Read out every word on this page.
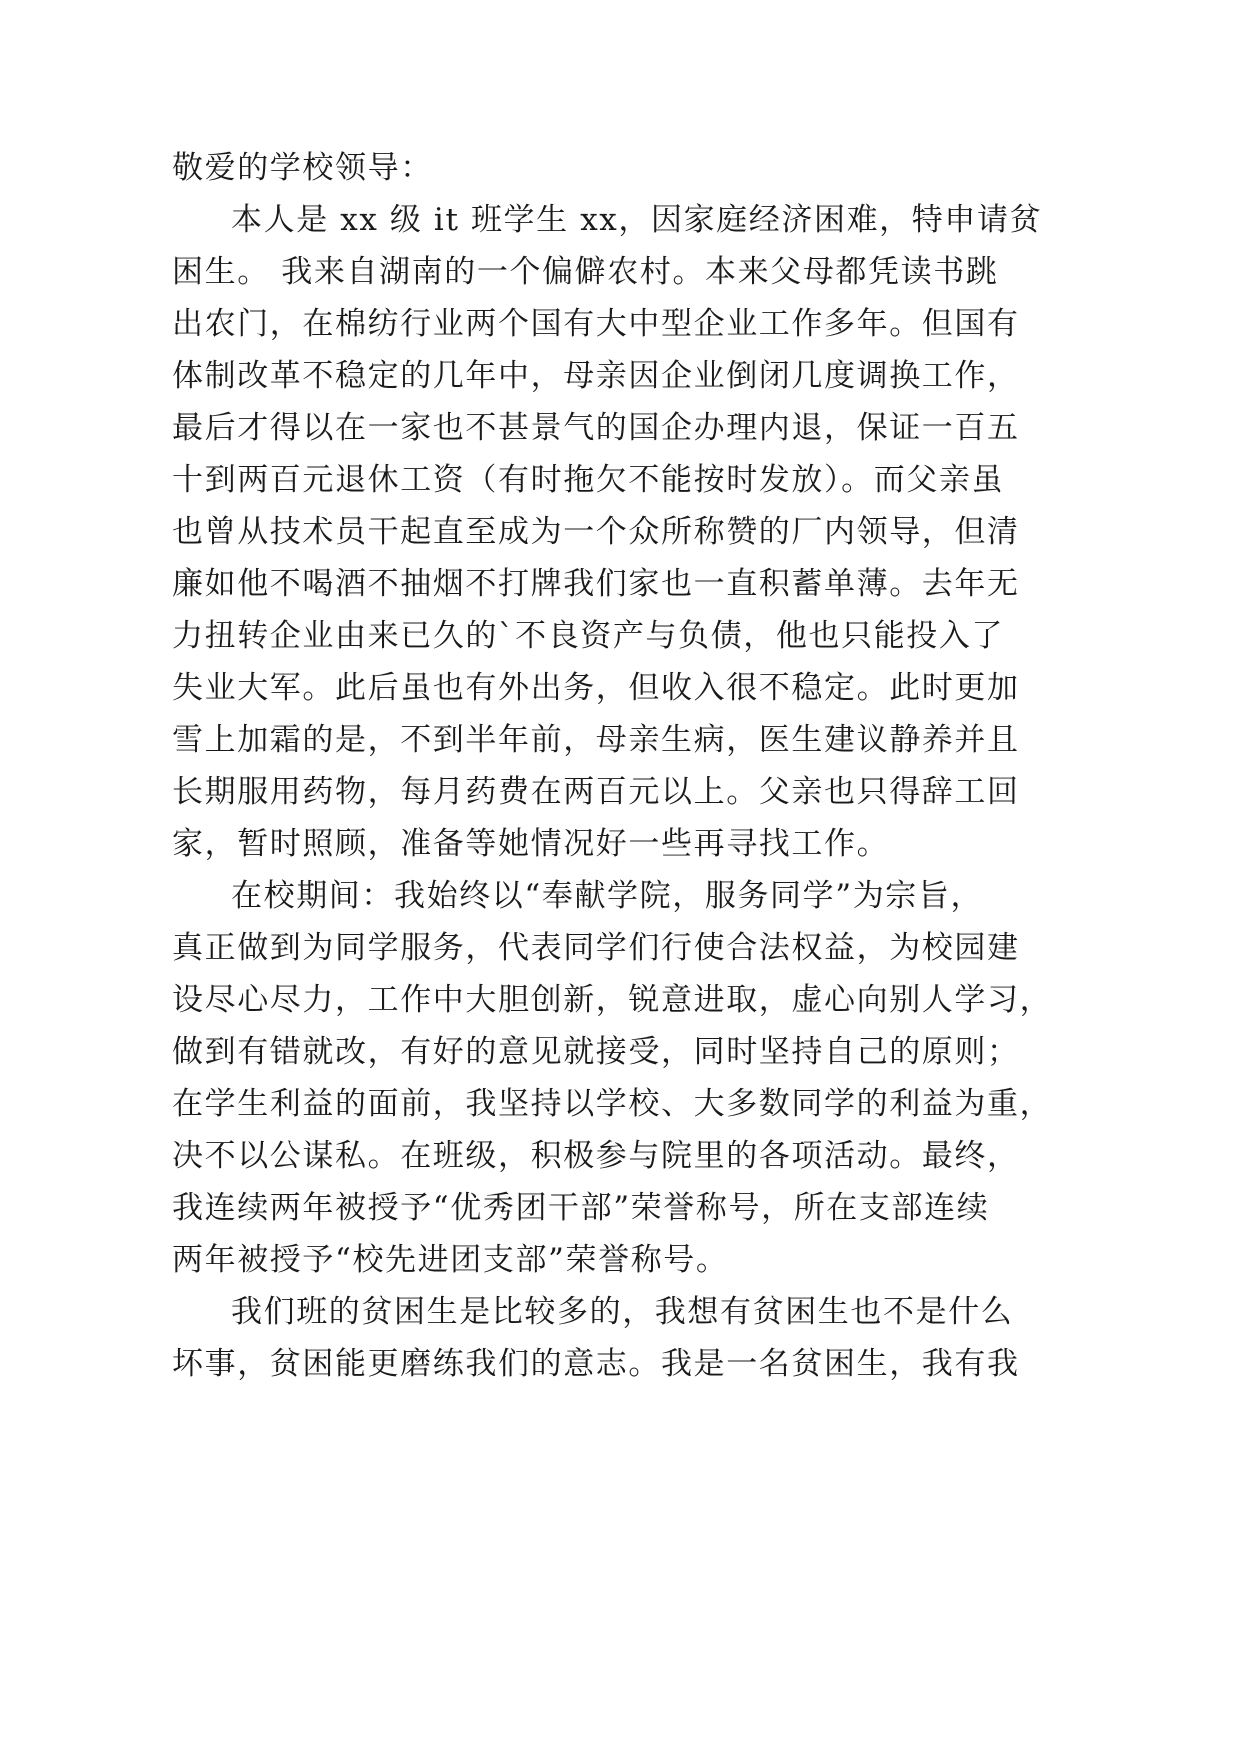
敬爱的学校领导：

本人是 xx 级 it 班学生 xx，因家庭经济困难，特申请贫

困生。 我来自湖南的一个偏僻农村。本来父母都凭读书跳

出农门，在棉纺行业两个国有大中型企业工作多年。但国有

体制改革不稳定的几年中，母亲因企业倒闭几度调换工作，

最后才得以在一家也不甚景气的国企办理内退，保证一百五

十到两百元退休工资（有时拖欠不能按时发放）。而父亲虽

也曾从技术员干起直至成为一个众所称赞的厂内领导，但清

廉如他不喝酒不抽烟不打牌我们家也一直积蓄单薄。去年无

力扭转企业由来已久的`不良资产与负债，他也只能投入了

失业大军。此后虽也有外出务，但收入很不稳定。此时更加

雪上加霜的是，不到半年前，母亲生病，医生建议静养并且

长期服用药物，每月药费在两百元以上。父亲也只得辞工回

家，暂时照顾，准备等她情况好一些再寻找工作。

在校期间：我始终以“奉献学院，服务同学”为宗旨，

真正做到为同学服务，代表同学们行使合法权益，为校园建

设尽心尽力，工作中大胆创新，锐意进取，虚心向别人学习，

做到有错就改，有好的意见就接受，同时坚持自己的原则；

在学生利益的面前，我坚持以学校、大多数同学的利益为重，

决不以公谋私。在班级，积极参与院里的各项活动。最终，

我连续两年被授予“优秀团干部”荣誉称号，所在支部连续

两年被授予“校先进团支部”荣誉称号。

我们班的贫困生是比较多的，我想有贫困生也不是什么

坏事，贫困能更磨练我们的意志。我是一名贫困生，我有我
